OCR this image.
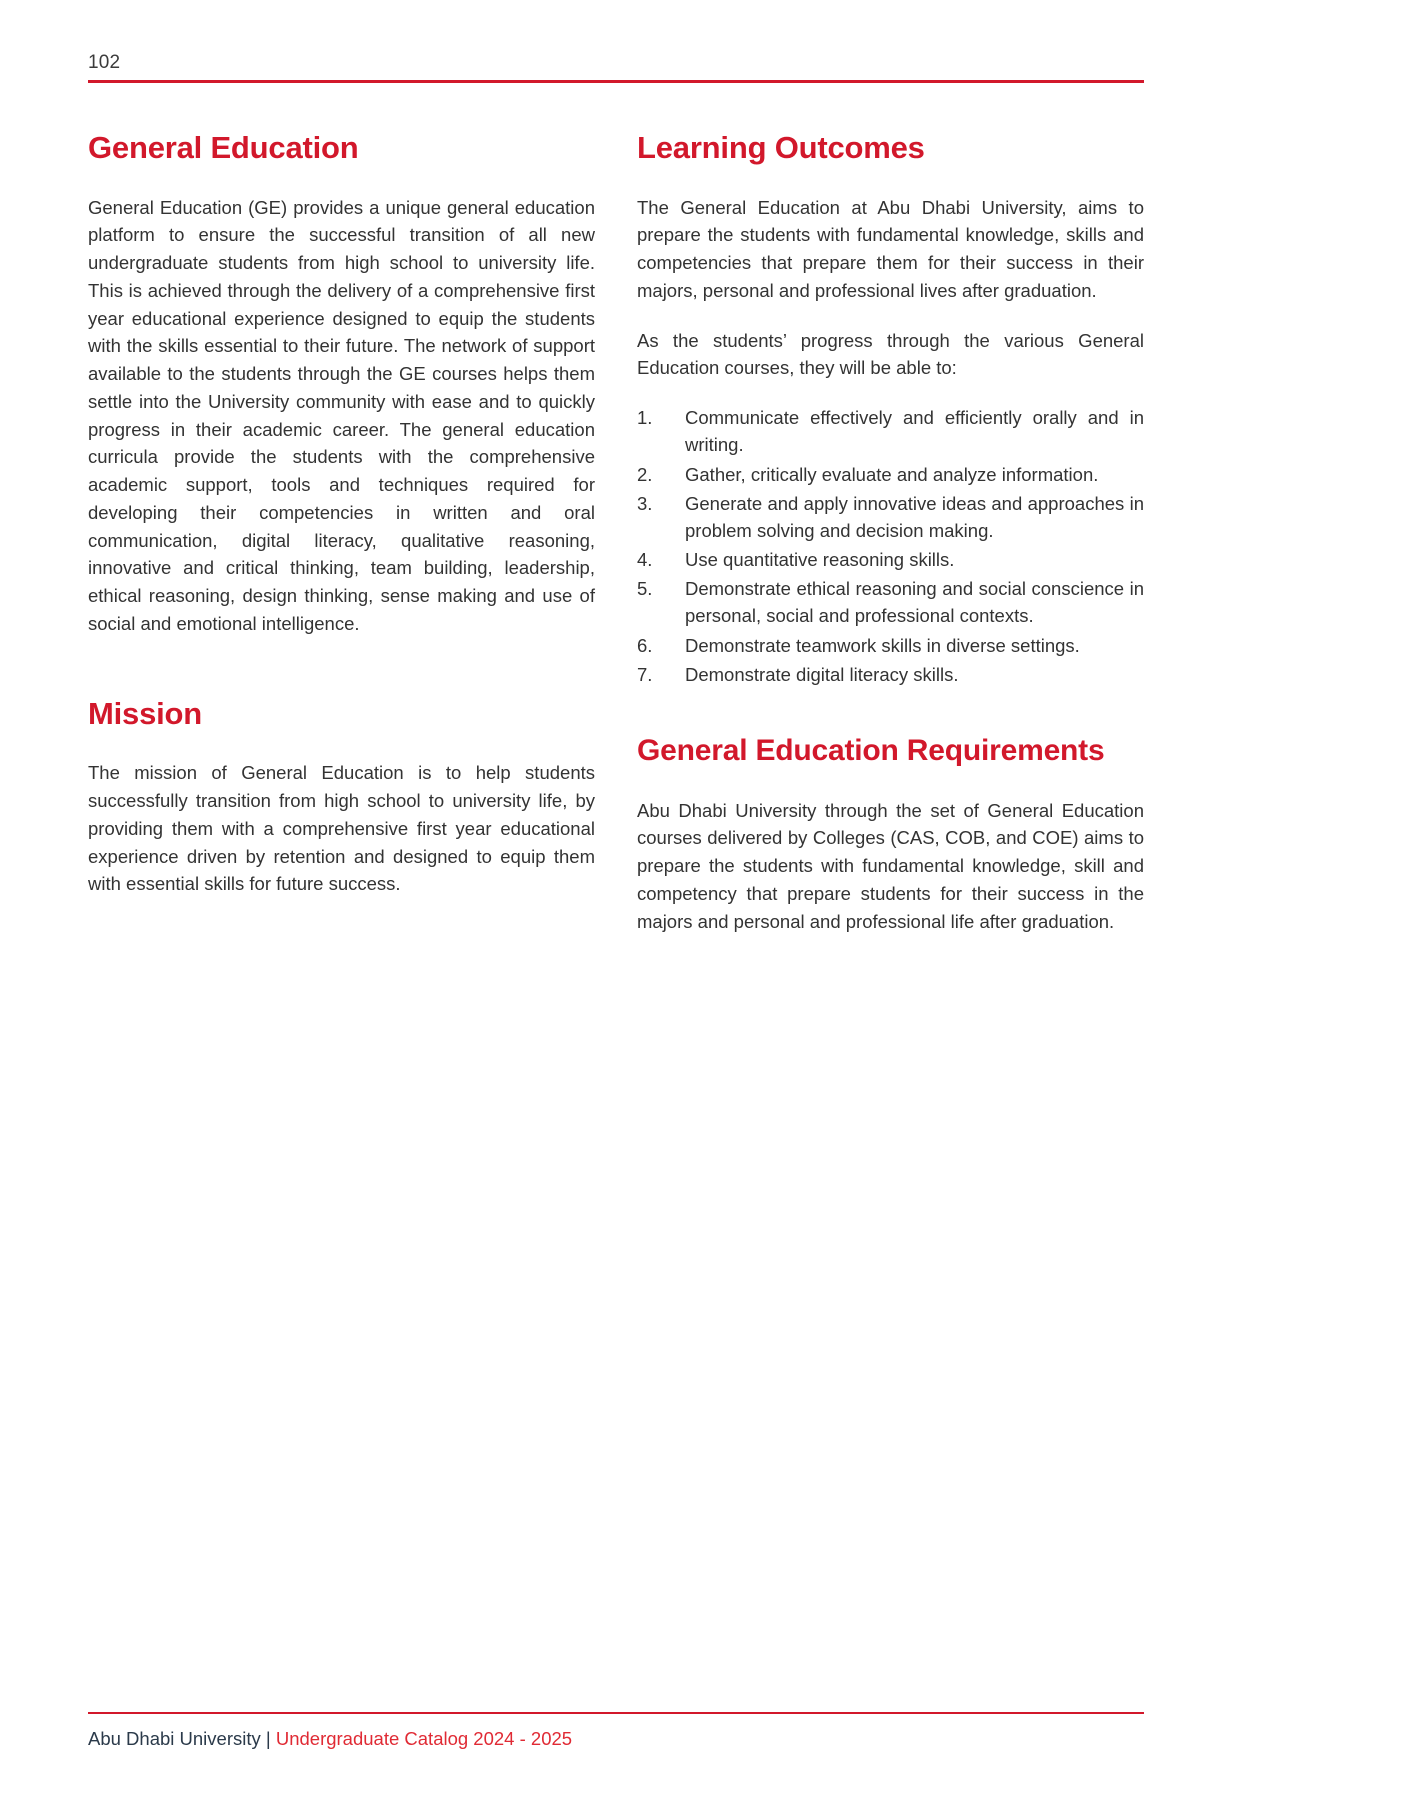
102
General Education

General Education (GE) provides a unique general education platform to ensure the successful transition of all new undergraduate students from high school to university life. This is achieved through the delivery of a comprehensive first year educational experience designed to equip the students with the skills essential to their future. The network of support available to the students through the GE courses helps them settle into the University community with ease and to quickly progress in their academic career. The general education curricula provide the students with the comprehensive academic support, tools and techniques required for developing their competencies in written and oral communication, digital literacy, qualitative reasoning, innovative and critical thinking, team building, leadership, ethical reasoning, design thinking, sense making and use of social and emotional intelligence.

Mission

The mission of General Education is to help students successfully transition from high school to university life, by providing them with a comprehensive first year educational experience driven by retention and designed to equip them with essential skills for future success.

Learning Outcomes

The General Education at Abu Dhabi University, aims to prepare the students with fundamental knowledge, skills and competencies that prepare them for their success in their majors, personal and professional lives after graduation.

As the students’ progress through the various General Education courses, they will be able to:

Communicate effectively and efficiently orally and in writing.
Gather, critically evaluate and analyze information.
Generate and apply innovative ideas and approaches in problem solving and decision making.
Use quantitative reasoning skills.
Demonstrate ethical reasoning and social conscience in personal, social and professional contexts.
Demonstrate teamwork skills in diverse settings.
Demonstrate digital literacy skills.
General Education Requirements

Abu Dhabi University through the set of General Education courses delivered by Colleges (CAS, COB, and COE) aims to prepare the students with fundamental knowledge, skill and competency that prepare students for their success in the majors and personal and professional life after graduation.

Abu Dhabi University | Undergraduate Catalog 2024 - 2025
